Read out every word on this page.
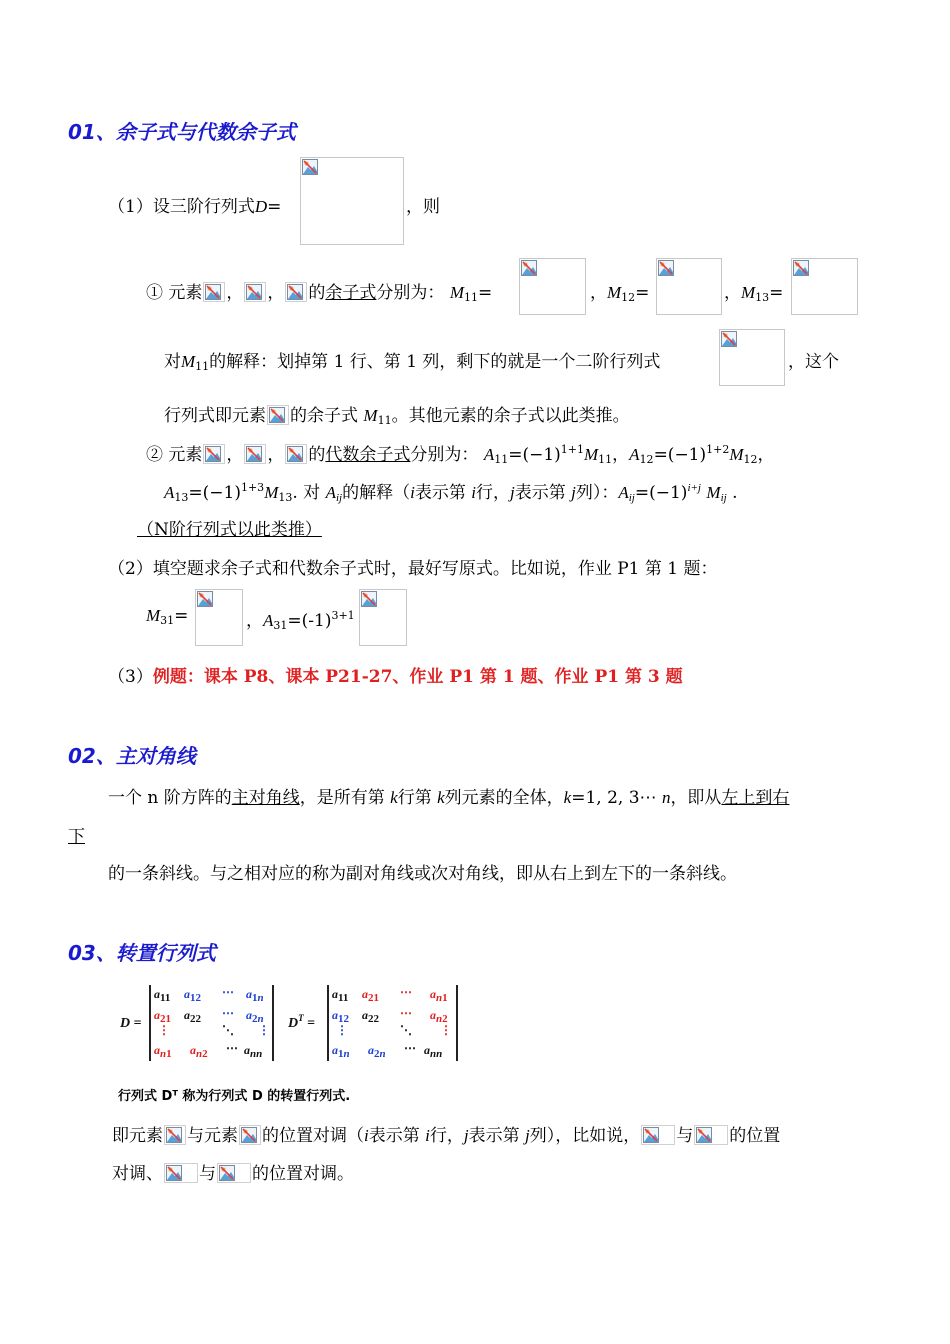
01、余子式与代数余子式
（1）设三阶行列式D=	，则
① 元素 ， ， 的余子式分别为： $M_{11}=$	，$M_{12}=$	，$M_{13}=$
对$M_{11}$的解释：划掉第 1 行、第 1 列，剩下的就是一个二阶行列式	，这个
行列式即元素 的余子式 $M_{11}$。其他元素的余子式以此类推。
② 元素 ， ， 的代数余子式分别为： $A_{11}=(-1)^{1+1}M_{11}$，$A_{12}=(-1)^{1+2}M_{12}$，
$A_{13}=(-1)^{1+3}M_{13}$. 对 $A_{ij}$的解释（i表示第 i行，j表示第 j列）：$A_{ij}=(-1)^{i+j}$ $M_{ij}$ .
（N阶行列式以此类推）
（2）填空题求余子式和代数余子式时，最好写原式。比如说，作业 P1 第 1 题：
$M_{31}=$	，$A_{31}=(-1)^{3+1}$
（3）例题：课本 P8、课本 P21-27、作业 P1 第 1 题、作业 P1 第 3 题
02、主对角线
一个 n 阶方阵的主对角线，是所有第 k行第 k列元素的全体，k=1, 2, 3⋯ n，即从左上到右
下
的一条斜线。与之相对应的称为副对角线或次对角线，即从右上到左下的一条斜线。
03、转置行列式
D =
$a_{11}$ $a_{12}$ ⋯ $a_{1n}$
$a_{21}$ $a_{22}$ ⋯ $a_{2n}$
⋮	⋱ ⋮
$a_{n1}$ $a_{n2}$ ⋯ $a_{nn}$
$D^T$ =
$a_{11}$ $a_{21}$ ⋯ $a_{n1}$
$a_{12}$ $a_{22}$ ⋯ $a_{n2}$
⋮	⋱ ⋮
$a_{1n}$ $a_{2n}$ ⋯ $a_{nn}$
行列式 Dᵀ 称为行列式 D 的转置行列式.
即元素 与元素 的位置对调（i表示第 i行，j表示第 j列），比如说， 与 的位置
对调、 与 的位置对调。
